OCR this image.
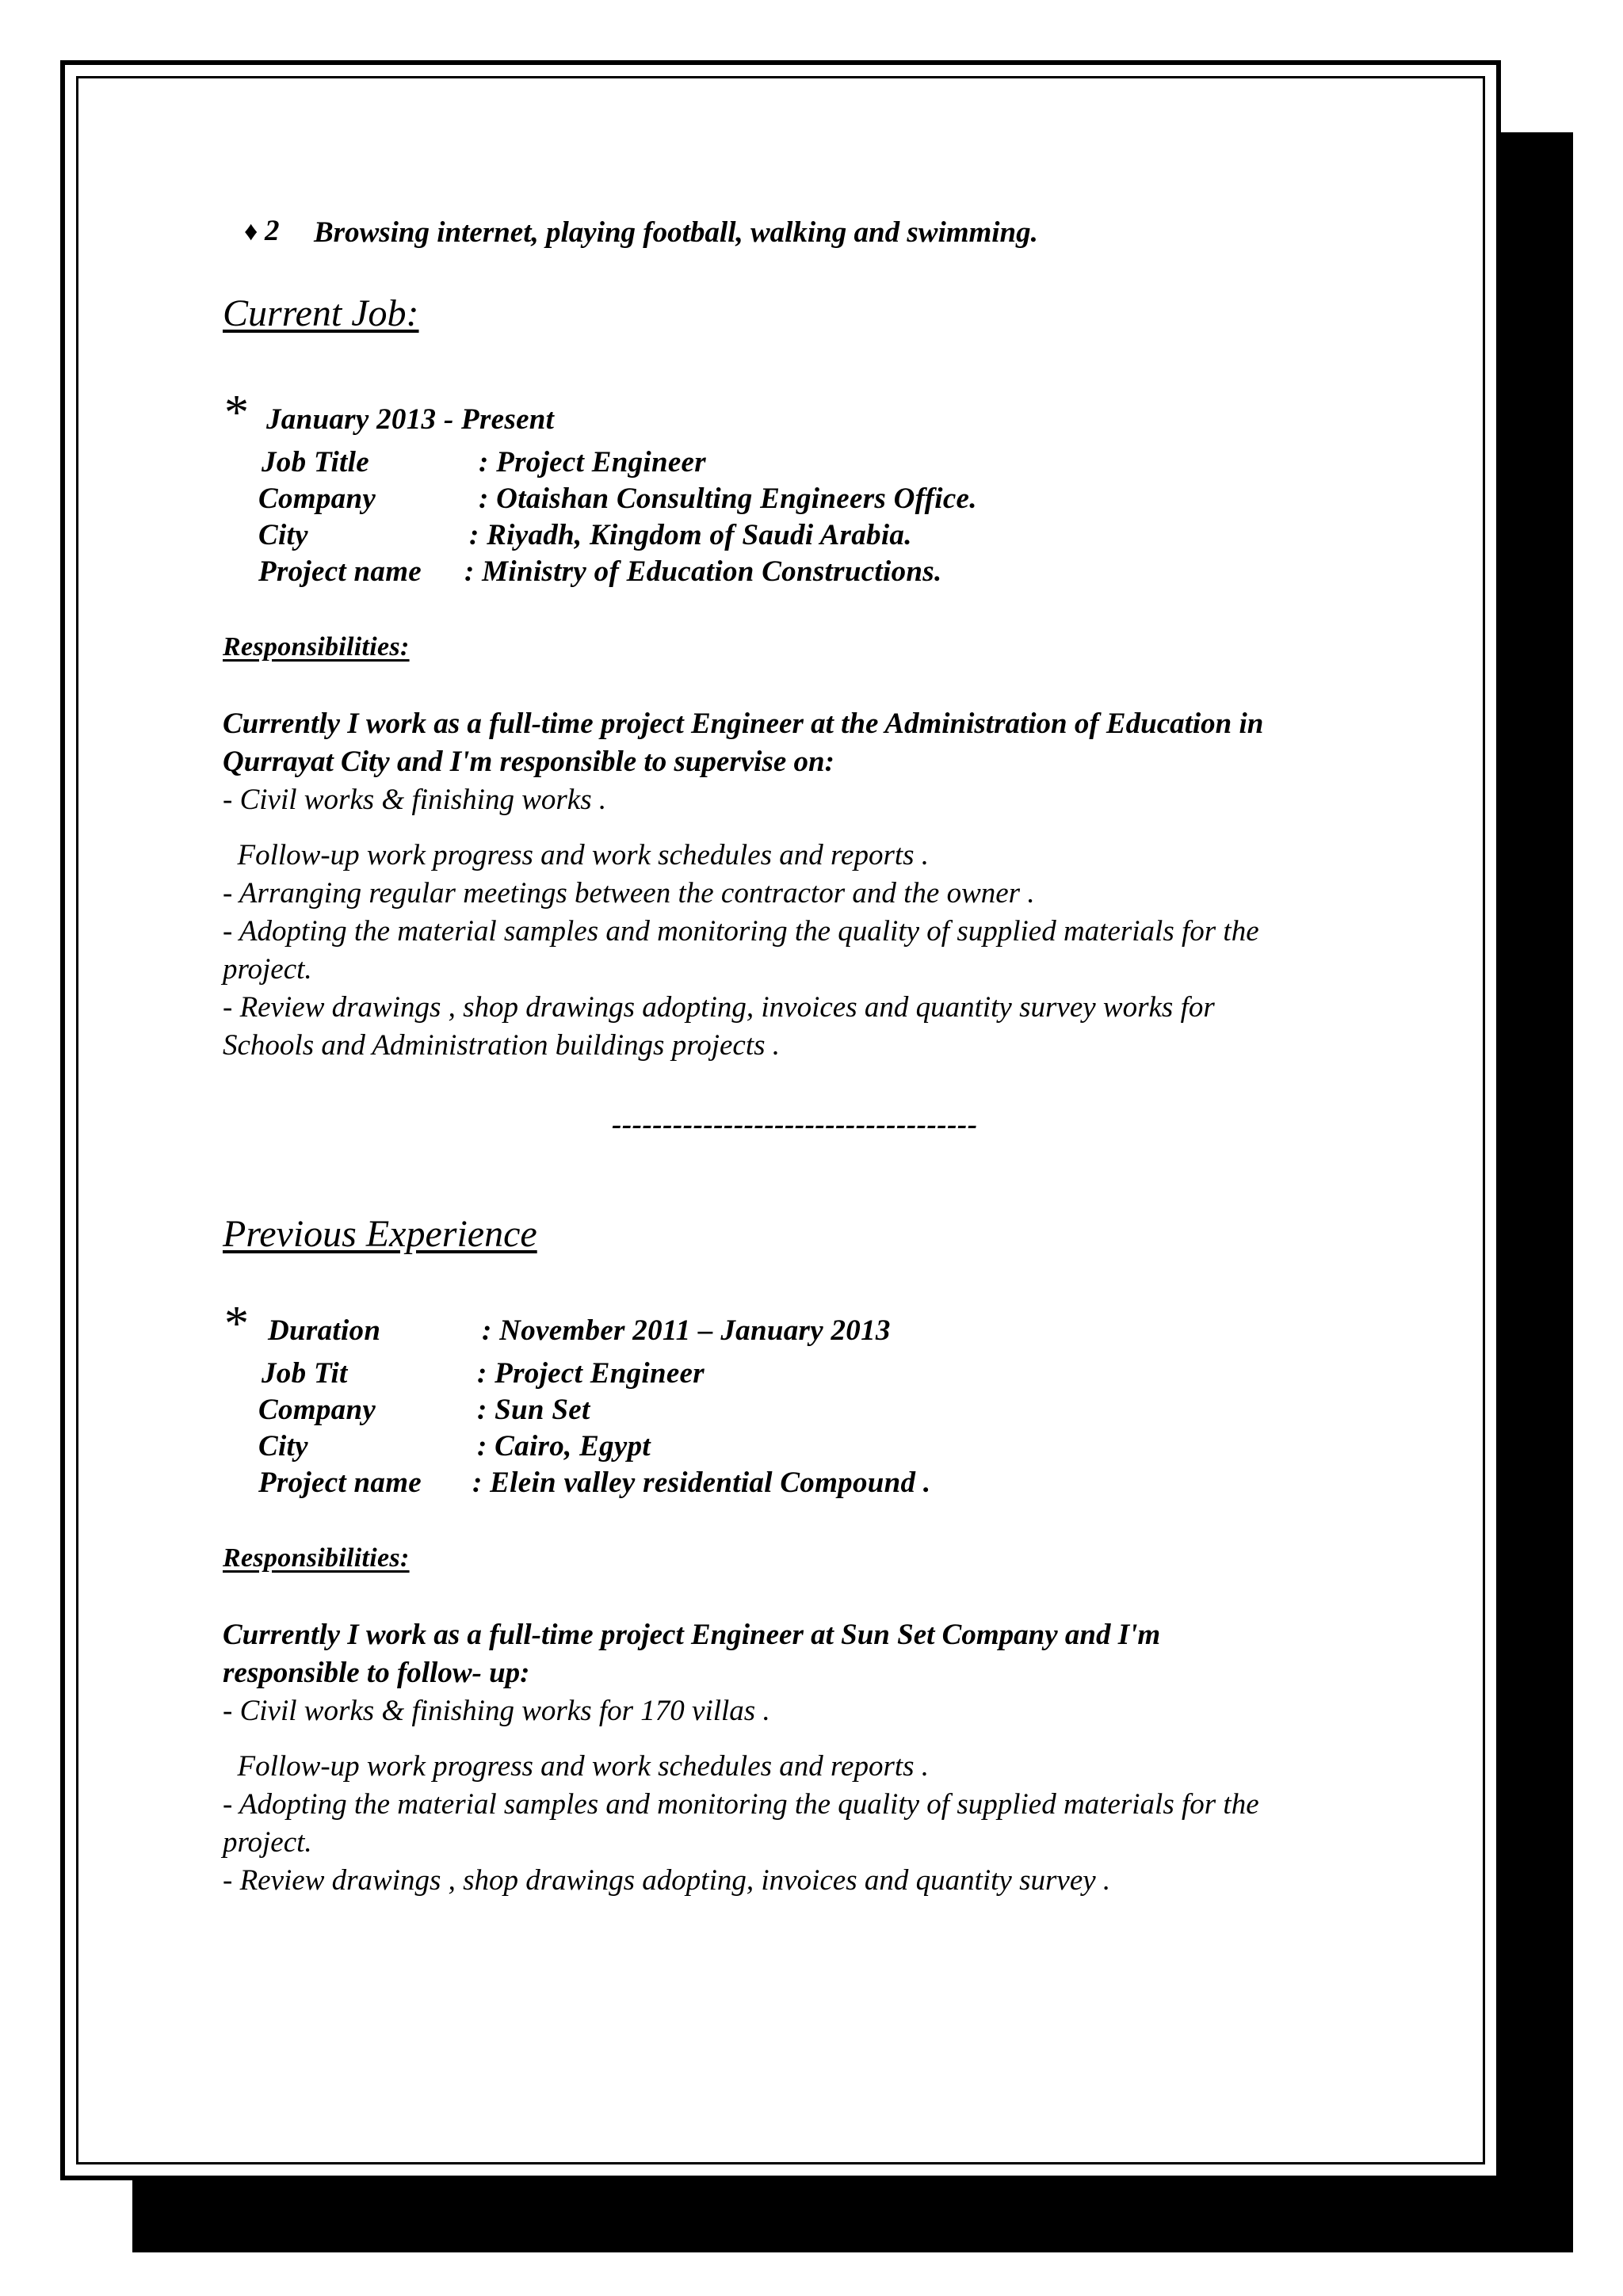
♦ 2 Browsing internet, playing football, walking and swimming.
Current Job:
* January 2013 - Present
Job Title	: Project Engineer
Company	: Otaishan Consulting Engineers Office.
City	: Riyadh, Kingdom of Saudi Arabia.
Project name : Ministry of Education Constructions.
Responsibilities:
Currently I work as a full-time project Engineer at the Administration of Education in
Qurrayat City and I'm responsible to supervise on:
- Civil works & finishing works .
Follow-up work progress and work schedules and reports .
- Arranging regular meetings between the contractor and the owner .
- Adopting the material samples and monitoring the quality of supplied materials for the
project.
- Review drawings , shop drawings adopting, invoices and quantity survey works for
Schools and Administration buildings projects .
------------------------------------
Previous Experience
* Duration	: November 2011 – January 2013
Job Tit	: Project Engineer
Company	: Sun Set
City	: Cairo, Egypt
Project name : Elein valley residential Compound .
Responsibilities:
Currently I work as a full-time project Engineer at Sun Set Company and I'm
responsible to follow- up:
- Civil works & finishing works for 170 villas .
Follow-up work progress and work schedules and reports .
- Adopting the material samples and monitoring the quality of supplied materials for the
project.
- Review drawings , shop drawings adopting, invoices and quantity survey .
